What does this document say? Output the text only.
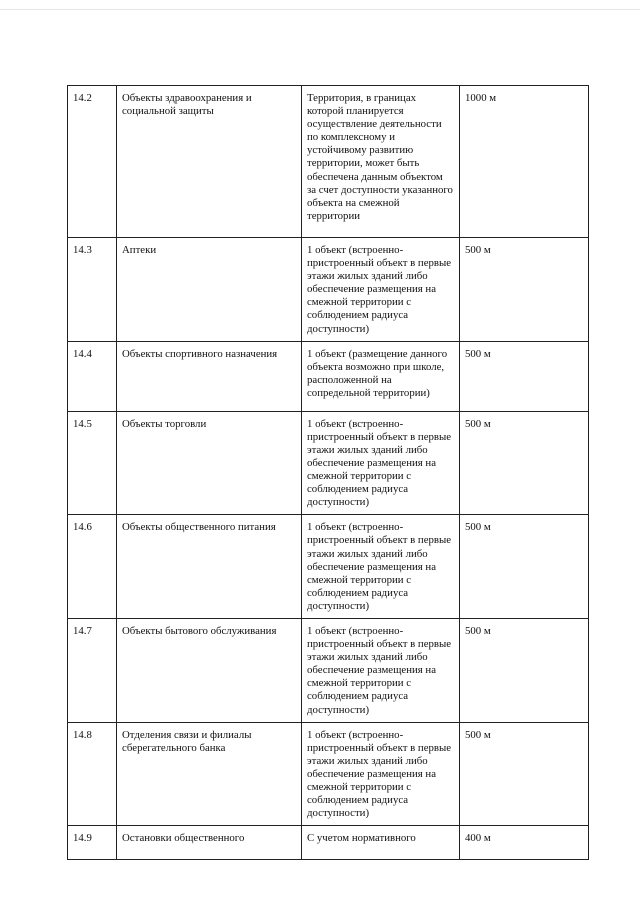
14.2	Объекты здравоохранения и социальной защиты	Территория, в границах которой планируется осуществление деятельности по комплексному и устойчивому развитию территории, может быть обеспечена данным объектом за счет доступности указанного объекта на смежной территории	1000 м
14.3	Аптеки	1 объект (встроенно-пристроенный объект в первые этажи жилых зданий либо обеспечение размещения на смежной территории с соблюдением радиуса доступности)	500 м
14.4	Объекты спортивного назначения	1 объект (размещение данного объекта возможно при школе, расположенной на сопредельной территории)	500 м
14.5	Объекты торговли	1 объект (встроенно-пристроенный объект в первые этажи жилых зданий либо обеспечение размещения на смежной территории с соблюдением радиуса доступности)	500 м
14.6	Объекты общественного питания	1 объект (встроенно-пристроенный объект в первые этажи жилых зданий либо обеспечение размещения на смежной территории с соблюдением радиуса доступности)	500 м
14.7	Объекты бытового обслуживания	1 объект (встроенно-пристроенный объект в первые этажи жилых зданий либо обеспечение размещения на смежной территории с соблюдением радиуса доступности)	500 м
14.8	Отделения связи и филиалы сберегательного банка	1 объект (встроенно-пристроенный объект в первые этажи жилых зданий либо обеспечение размещения на смежной территории с соблюдением радиуса доступности)	500 м
14.9	Остановки общественного	С учетом нормативного	400 м
